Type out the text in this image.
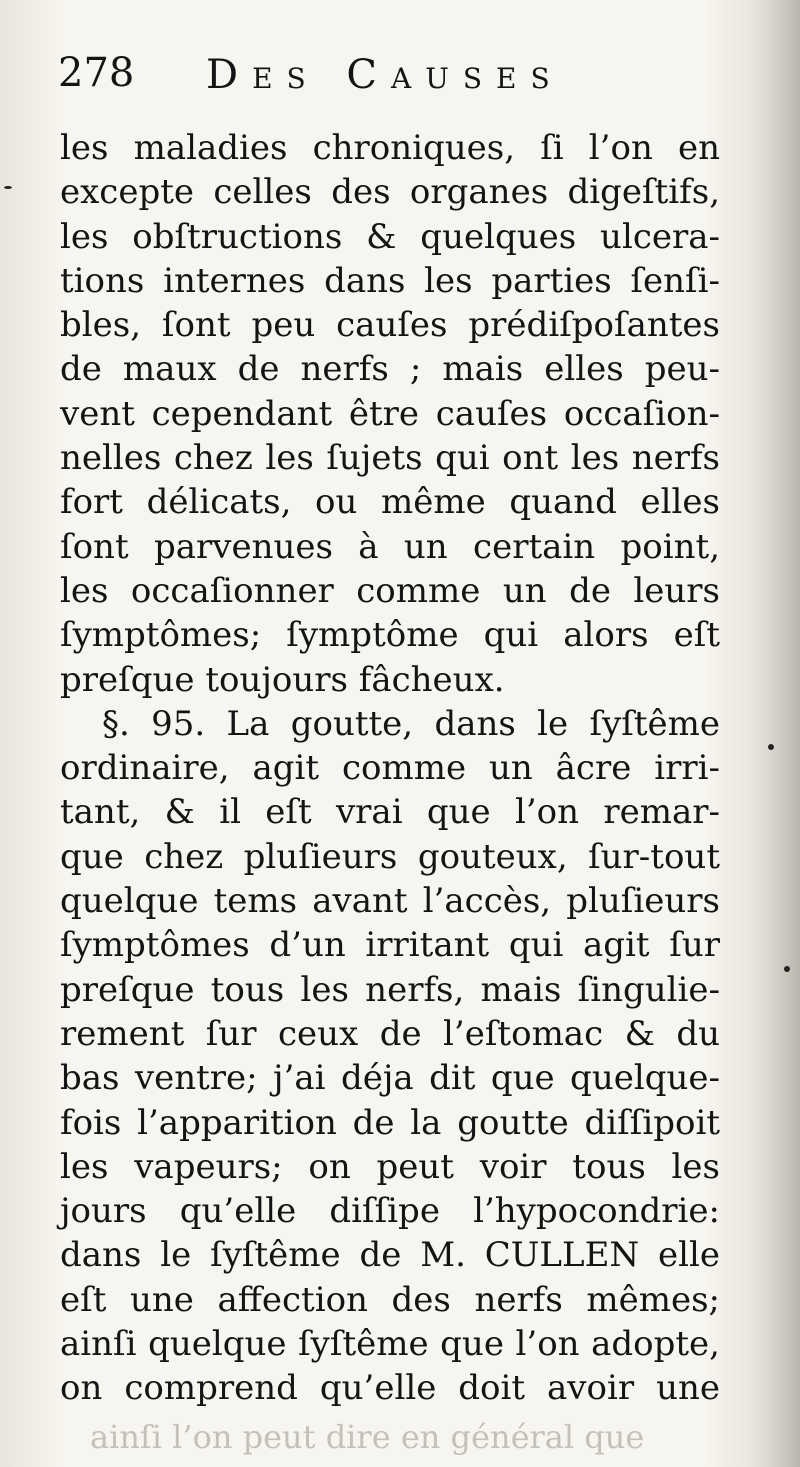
278 Des Causes
les maladies chroniques, ſi l’on en
excepte celles des organes digeſtifs,
les obſtructions & quelques ulcera-
tions internes dans les parties ſenſi-
bles, ſont peu cauſes prédiſpoſantes
de maux de nerfs ; mais elles peu-
vent cependant être cauſes occaſion-
nelles chez les ſujets qui ont les nerfs
fort délicats, ou même quand elles
ſont parvenues à un certain point,
les occaſionner comme un de leurs
ſymptômes; ſymptôme qui alors eſt
preſque toujours fâcheux.
§. 95. La goutte, dans le ſyſtême
ordinaire, agit comme un âcre irri-
tant, & il eſt vrai que l’on remar-
que chez pluſieurs gouteux, ſur-tout
quelque tems avant l’accès, pluſieurs
ſymptômes d’un irritant qui agit ſur
preſque tous les nerfs, mais ſingulie-
rement ſur ceux de l’eſtomac & du
bas ventre; j’ai déja dit que quelque-
fois l’apparition de la goutte diſſipoit
les vapeurs; on peut voir tous les
jours qu’elle diſſipe l’hypocondrie:
dans le ſyſtême de M. CULLEN elle
eſt une affection des nerfs mêmes;
ainſi quelque ſyſtême que l’on adopte,
on comprend qu’elle doit avoir une
ainſi l’on peut dire en général que
